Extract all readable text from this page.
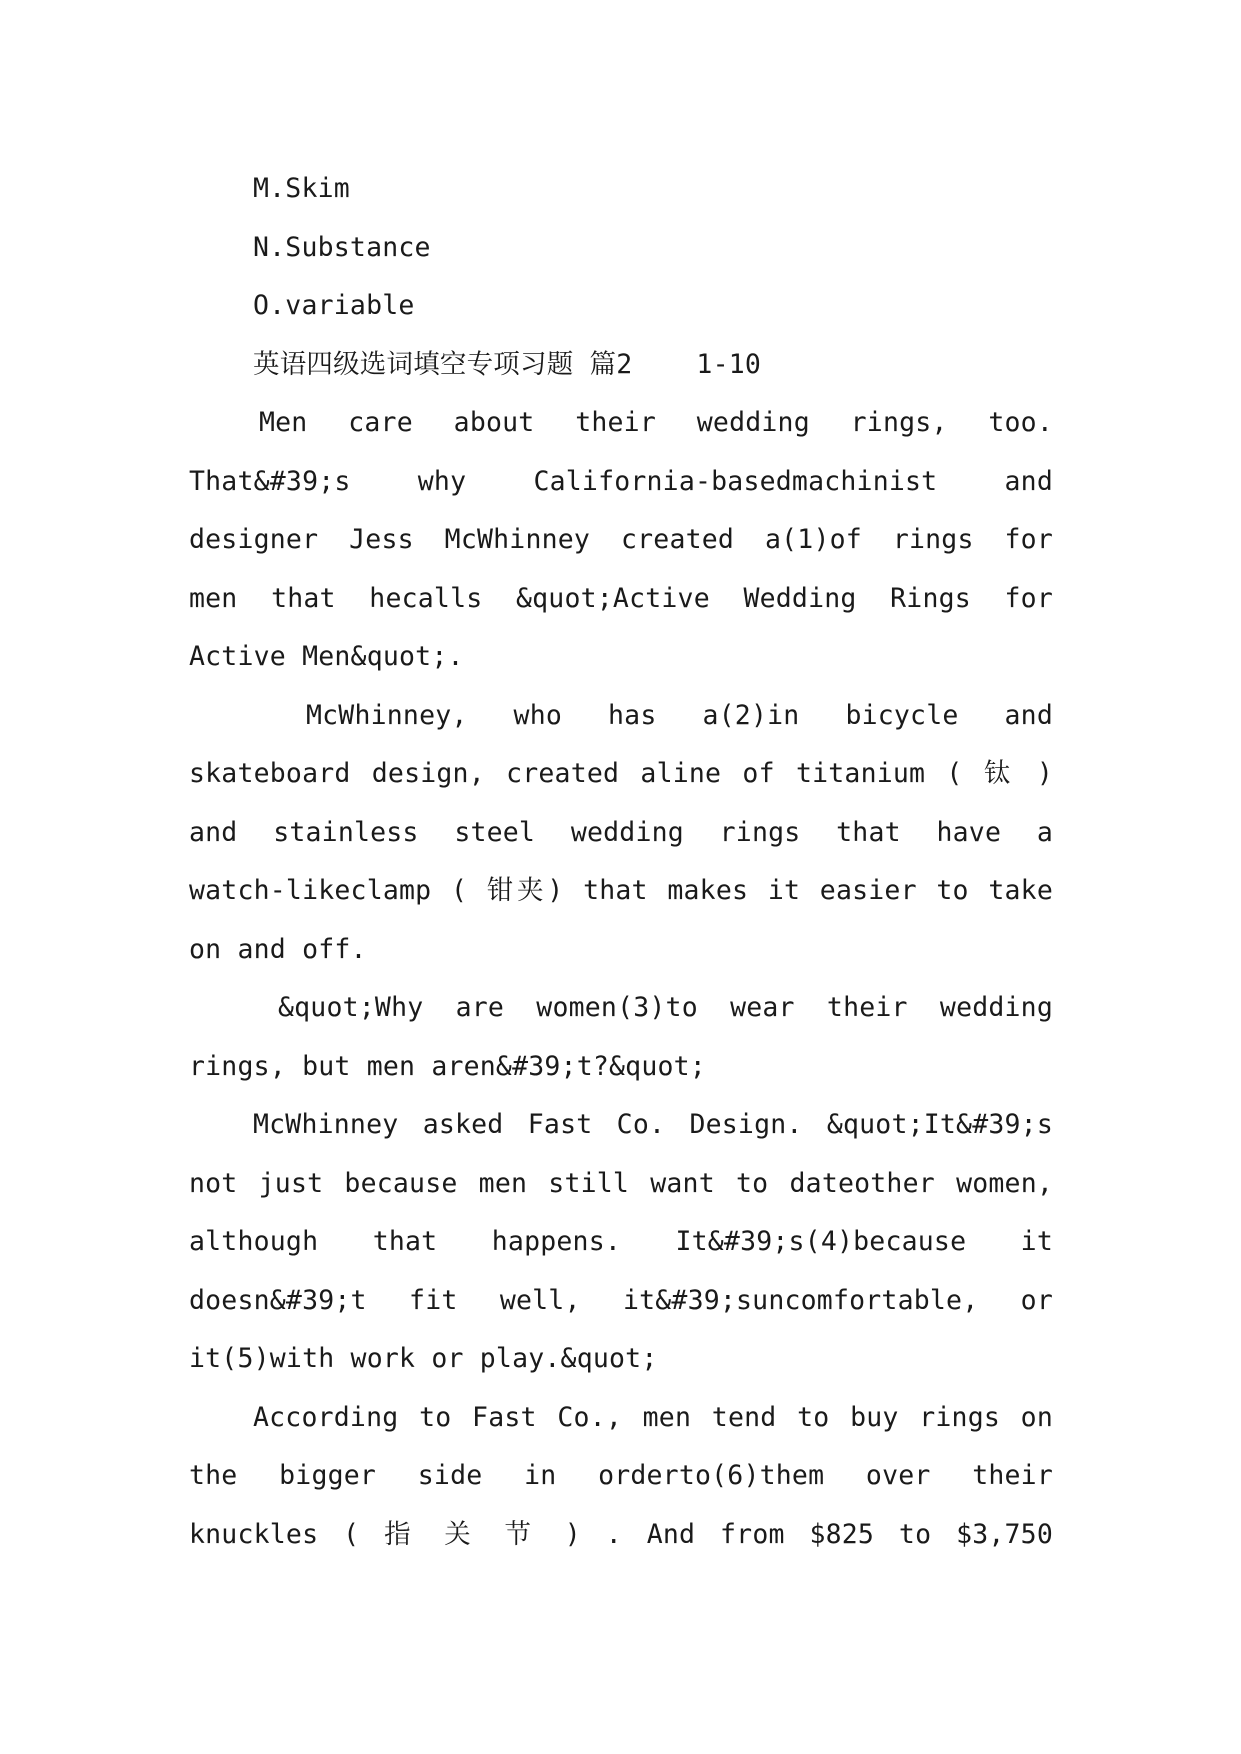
M.Skim
N.Substance
O.variable
英语四级选词填空专项习题 篇2 1-10
Men care about their wedding rings, too.
That&#39;s why California-basedmachinist and
designer Jess McWhinney created a(1)of rings for
men that hecalls &quot;Active Wedding Rings for
Active Men&quot;.
McWhinney, who has a(2)in bicycle and
skateboard design, created aline of titanium ( 钛 )
and stainless steel wedding rings that have a
watch-likeclamp ( 钳夹) that makes it easier to take
on and off.
&quot;Why are women(3)to wear their wedding
rings, but men aren&#39;t?&quot;
McWhinney asked Fast Co. Design. &quot;It&#39;s
not just because men still want to dateother women,
although that happens. It&#39;s(4)because it
doesn&#39;t fit well, it&#39;suncomfortable, or
it(5)with work or play.&quot;
According to Fast Co., men tend to buy rings on
the bigger side in orderto(6)them over their
knuckles ( 指 关 节 ) . And from $825 to $3,750
